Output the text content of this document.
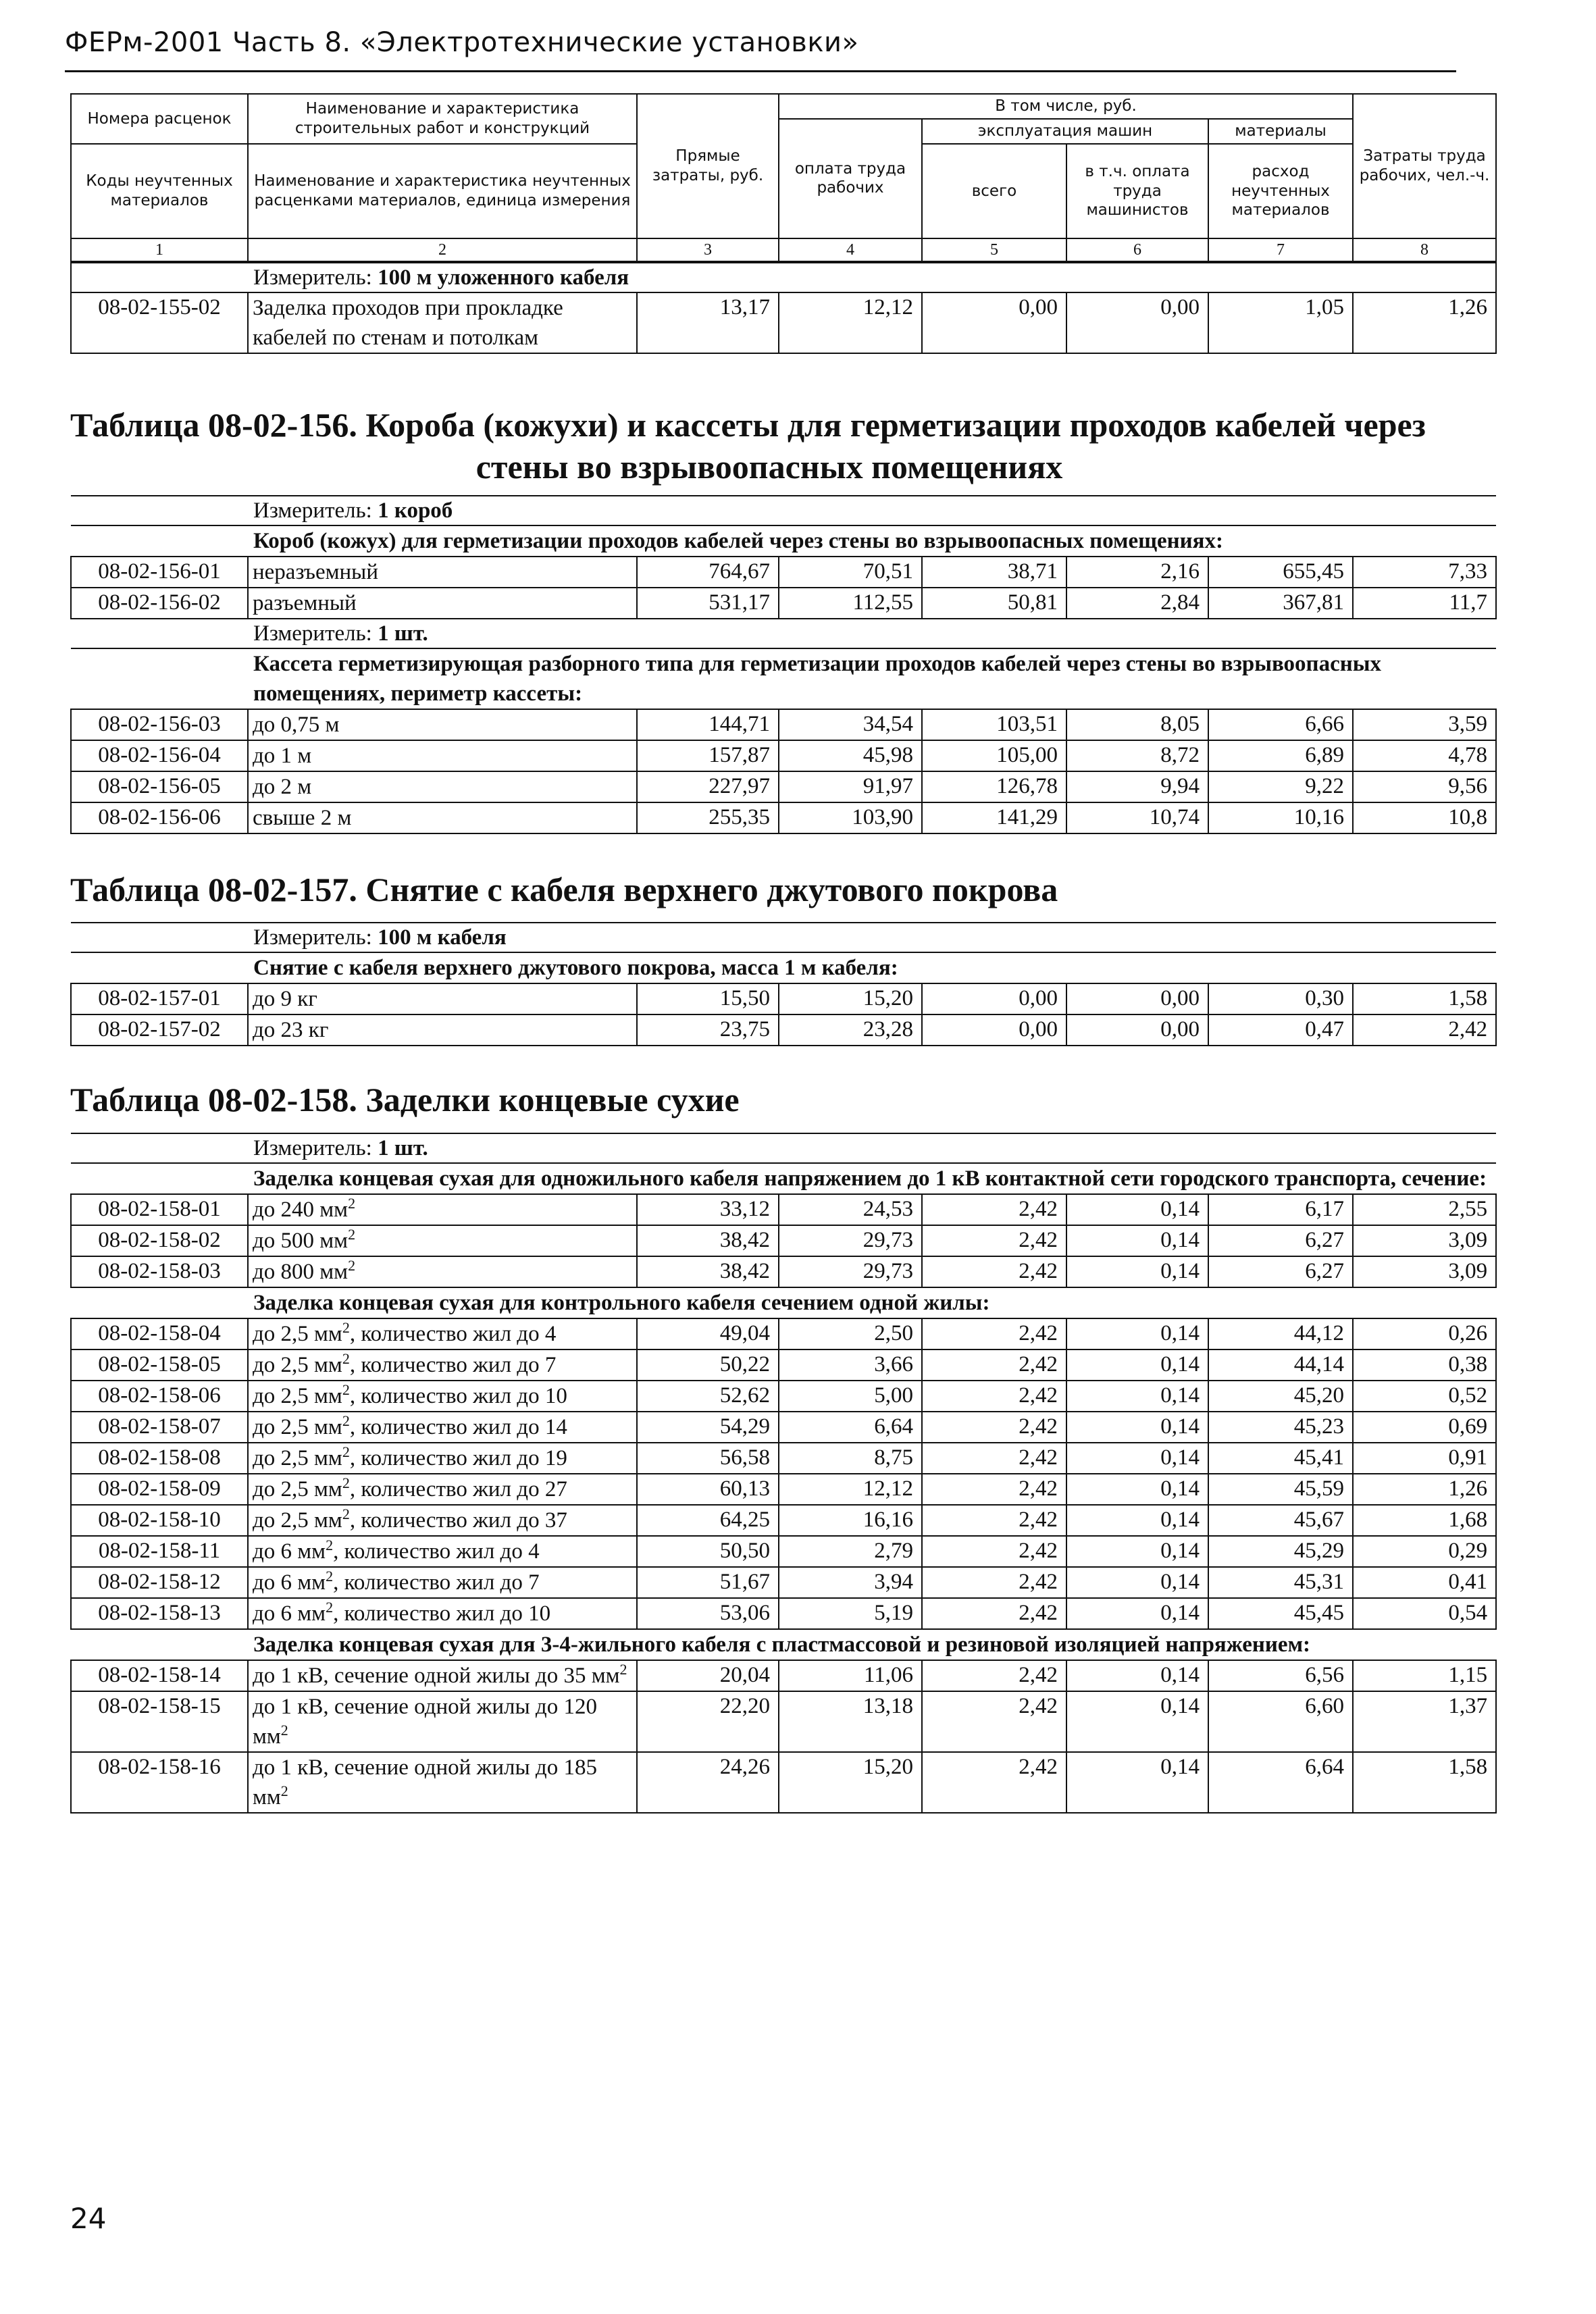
ФЕРм-2001 Часть 8. «Электротехнические установки»
Номера расценок	Наименование и характеристика строительных работ и конструкций	Прямые затраты, руб.	В том числе, руб.				Затраты труда рабочих, чел.-ч.
			оплата труда рабочих	эксплуатация машин		материалы	
Коды неучтенных материалов	Наименование и характеристика неучтенных расценками материалов, единица измерения			всего	в т.ч. оплата труда машинистов	расход неучтенных материалов	

1	2	3	4	5	6	7	8
Измеритель: 100 м уложенного кабеля
08-02-155-02	Заделка проходов при прокладке кабелей по стенам и потолкам	13,17	12,12	0,00	0,00	1,05	1,26
Таблица 08-02-156. Короба (кожухи) и кассеты для герметизации проходов кабелей через
стены во взрывоопасных помещениях
Измеритель: 1 короб							
Короб (кожух) для герметизации проходов кабелей через стены во взрывоопасных помещениях:							
08-02-156-01	неразъемный	764,67	70,51	38,71	2,16	655,45	7,33
08-02-156-02	разъемный	531,17	112,55	50,81	2,84	367,81	11,7
Измеритель: 1 шт.							
Кассета герметизирующая разборного типа для герметизации проходов кабелей через стены во взрывоопасных помещениях, периметр кассеты:							
08-02-156-03	до 0,75 м	144,71	34,54	103,51	8,05	6,66	3,59
08-02-156-04	до 1 м	157,87	45,98	105,00	8,72	6,89	4,78
08-02-156-05	до 2 м	227,97	91,97	126,78	9,94	9,22	9,56
08-02-156-06	свыше 2 м	255,35	103,90	141,29	10,74	10,16	10,8
Таблица 08-02-157. Снятие с кабеля верхнего джутового покрова
Измеритель: 100 м кабеля							
Снятие с кабеля верхнего джутового покрова, масса 1 м кабеля:							
08-02-157-01	до 9 кг	15,50	15,20	0,00	0,00	0,30	1,58
08-02-157-02	до 23 кг	23,75	23,28	0,00	0,00	0,47	2,42
Таблица 08-02-158. Заделки концевые сухие
Измеритель: 1 шт.							
Заделка концевая сухая для одножильного кабеля напряжением до 1 кВ контактной сети городского транспорта, сечение:							
08-02-158-01	до 240 $мм^2$	33,12	24,53	2,42	0,14	6,17	2,55
08-02-158-02	до 500 $мм^2$	38,42	29,73	2,42	0,14	6,27	3,09
08-02-158-03	до 800 $мм^2$	38,42	29,73	2,42	0,14	6,27	3,09
Заделка концевая сухая для контрольного кабеля сечением одной жилы:							
08-02-158-04	до 2,5 $мм^2$, количество жил до 4	49,04	2,50	2,42	0,14	44,12	0,26
08-02-158-05	до 2,5 $мм^2$, количество жил до 7	50,22	3,66	2,42	0,14	44,14	0,38
08-02-158-06	до 2,5 $мм^2$, количество жил до 10	52,62	5,00	2,42	0,14	45,20	0,52
08-02-158-07	до 2,5 $мм^2$, количество жил до 14	54,29	6,64	2,42	0,14	45,23	0,69
08-02-158-08	до 2,5 $мм^2$, количество жил до 19	56,58	8,75	2,42	0,14	45,41	0,91
08-02-158-09	до 2,5 $мм^2$, количество жил до 27	60,13	12,12	2,42	0,14	45,59	1,26
08-02-158-10	до 2,5 $мм^2$, количество жил до 37	64,25	16,16	2,42	0,14	45,67	1,68
08-02-158-11	до 6 $мм^2$, количество жил до 4	50,50	2,79	2,42	0,14	45,29	0,29
08-02-158-12	до 6 $мм^2$, количество жил до 7	51,67	3,94	2,42	0,14	45,31	0,41
08-02-158-13	до 6 $мм^2$, количество жил до 10	53,06	5,19	2,42	0,14	45,45	0,54
Заделка концевая сухая для 3-4-жильного кабеля с пластмассовой и резиновой изоляцией напряжением:							
08-02-158-14	до 1 кВ, сечение одной жилы до 35 $мм^2$	20,04	11,06	2,42	0,14	6,56	1,15
08-02-158-15	до 1 кВ, сечение одной жилы до 120 $мм^2$	22,20	13,18	2,42	0,14	6,60	1,37
08-02-158-16	до 1 кВ, сечение одной жилы до 185 $мм^2$	24,26	15,20	2,42	0,14	6,64	1,58
24
